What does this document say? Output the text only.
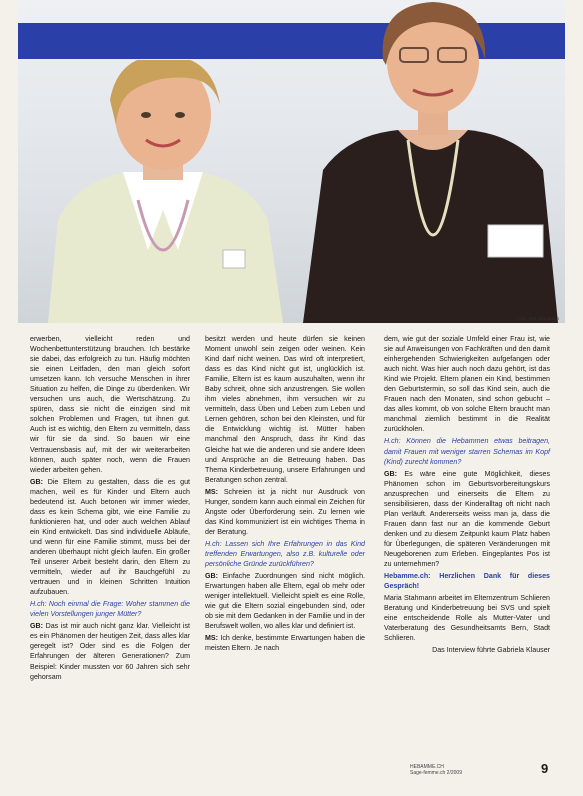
Foto: Eva Graumann

erwerben, vielleicht reden und Wochenbettunterstützung brauchen. Ich bestärke sie dabei, das erfolgreich zu tun. Häufig möchten sie einen Leitfaden, den man gleich sofort umsetzen kann. Ich versuche Menschen in ihrer Situation zu helfen, die Dinge zu überdenken. Wir versuchen uns auch, die Wertschätzung. Zu spüren, dass sie nicht die einzigen sind mit solchen Problemen und Fragen, tut ihnen gut. Auch ist es wichtig, den Eltern zu vermitteln, dass wir für sie da sind. So bauen wir eine Vertrauensbasis auf, mit der wir weiterarbeiten können, auch später noch, wenn die Frauen wieder arbeiten gehen.

GB: Die Eltern zu gestalten, dass die es gut machen, weil es für Kinder und Eltern auch bedeutend ist. Auch betonen wir immer wieder, dass es kein Schema gibt, wie eine Familie zu funktionieren hat, und oder auch welchen Ablauf ein Kind entwickelt. Das sind individuelle Abläufe, und wenn für eine Familie stimmt, muss bei der anderen überhaupt nicht gleich laufen. Ein großer Teil unserer Arbeit besteht darin, den Eltern zu vermitteln, wieder auf ihr Bauchgefühl zu vertrauen und in kleinen Schritten Intuition aufzubauen.

H.ch: Noch einmal die Frage: Woher stammen die vielen Vorstellungen junger Mütter?

GB: Das ist mir auch nicht ganz klar. Vielleicht ist es ein Phänomen der heutigen Zeit, dass alles klar geregelt ist? Oder sind es die Folgen der Erfahrungen der älteren Generationen? Zum Beispiel: Kinder mussten vor 60 Jahren sich sehr gehorsam

besitzt werden und heute dürfen sie keinen Moment unwohl sein zeigen oder weinen. Kein Kind darf nicht weinen. Das wird oft interpretiert, dass es das Kind nicht gut ist, unglücklich ist. Familie, Eltern ist es kaum auszuhalten, wenn ihr Baby schreit, ohne sich anzustrengen. Sie wollen ihm vieles abnehmen, ihm versuchen wir zu vermitteln, dass Üben und Leben zum Leben und Lernen gehören, schon bei den Kleinsten, und für die Entwicklung wichtig ist. Mütter haben manchmal den Anspruch, dass ihr Kind das Gleiche hat wie die anderen und sie andere Ideen und Ansprüche an die Betreuung haben. Das Thema Kinderbetreuung, unsere Erfahrungen und Beratungen schon zentral.

MS: Schreien ist ja nicht nur Ausdruck von Hunger, sondern kann auch einmal ein Zeichen für Ängste oder Überforderung sein. Zu lernen wie das Kind kommuniziert ist ein wichtiges Thema in der Beratung.

H.ch: Lassen sich Ihre Erfahrungen in das Kind treffenden Erwartungen, also z.B. kulturelle oder persönliche Gründe zurückführen?

GB: Einfache Zuordnungen sind nicht möglich. Erwartungen haben alle Eltern, egal ob mehr oder weniger intellektuell. Vielleicht spielt es eine Rolle, wie gut die Eltern sozial eingebunden sind, oder ob sie mit dem Gedanken in der Familie und in der Berufswelt wollen, wo alles klar und definiert ist.

MS: Ich denke, bestimmte Erwartungen haben die meisten Eltern. Je nach

dem, wie gut der soziale Umfeld einer Frau ist, wie sie auf Anweisungen von Fachkräften und den damit einhergehenden Schwierigkeiten aufgefangen oder auch nicht. Was hier auch noch dazu gehört, ist das Kind wie Projekt. Eltern planen ein Kind, bestimmen den Geburtstermin, so soll das Kind sein, auch die Frauen nach den Monaten, sind schon gebucht – das alles kommt, ob von solche Eltern braucht man manchmal ziemlich bestimmt in die Realität zurückholen.

H.ch: Können die Hebammen etwas beitragen, damit Frauen mit weniger starren Schemas im Kopf (Kind) zurecht kommen?

GB: Es wäre eine gute Möglichkeit, dieses Phänomen schon im Geburtsvorbereitungskurs anzusprechen und einerseits die Eltern zu sensibilisieren, dass der Kinderalltag oft nicht nach Plan verläuft. Andererseits weiss man ja, dass die Frauen dann fast nur an die kommende Geburt denken und zu diesem Zeitpunkt kaum Platz haben für Überlegungen, die späteren Veränderungen mit Neugeborenen zum Erleben. Eingeplantes Pos ist zu unternehmen?

Hebamme.ch: Herzlichen Dank für dieses Gespräch!

Maria Stahmann arbeitet im Elternzentrum Schlieren Beratung und Kinderbetreuung bei SVS und spielt eine entscheidende Rolle als Mutter-Vater und Vaterberatung des Gesundheitsamts Bern, Stadt Schlieren.

Das Interview führte Gabriela Klauser

HEBAMME.CH
Sage-femme.ch 2/2009	9
